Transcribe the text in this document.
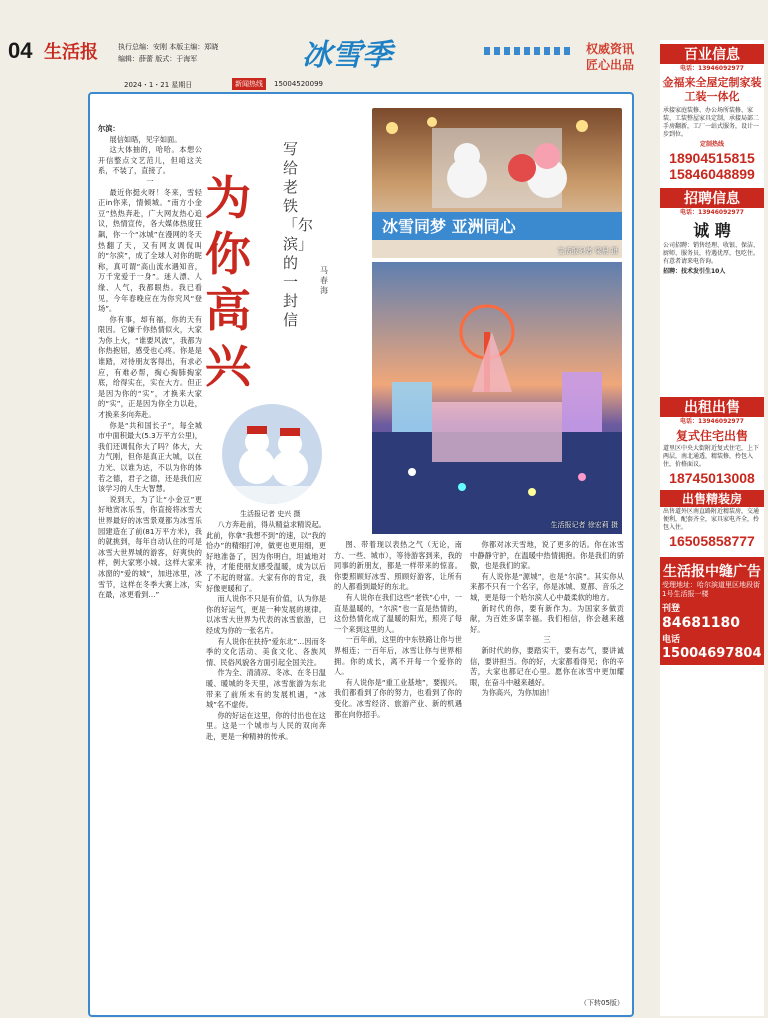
04 生活报	执行总编：安刚 本版主编：郑晓
编辑：薛蕾 版式：于海军	冰雪季	权威资讯
匠心出品
2024・1・21 星期日	新闻热线	15004520099
为你高兴
写给老铁「尔滨」的一封信
马春海
尔滨：
展信如晤，见字如面。

这大体抽的，哈哈。本想公开信整点文艺范儿，但咱这关系，不装了，直接了。

一

最近你挺火呀！冬来，雪轻正in你来，情倾城。“南方小金豆”热热奔赴，广大网友热心追议，热情宣传，各大媒体热度狂飙，你一个“冰城”在漫网的冬天热翻了天，又有网友调侃叫的“尔滨”，成了全球人对你的昵称，真可谓“高山流水遇知音，万千宠爱于一身”。迷人漂、人缘、人气，我都眼热。我已看见，今年春晚应在为你究风“登场”。

你有事，却有福，你的天有限因。它嫌千你热情似火，大家为你上火，“谁要风波”，我都为你热抱屈，感受也心疼。你是是谁踏，对待朋友客得出，有求必应，有难必帮，掏心掏肺掏家底，给得实在，实在大方。但正是因为你的“实”，才换来大家的“实”，正是因为你全力以赴，才换来多向奔赴。

你是“共和国长子”，每全城市中面积最大(5.3万平方公里)，我们还调侃你大了吗？体大，大力气刚，但你是真正大城，以在力光、以谁为达，不以为你的体若之德，君子之德，还是我们应该学习的人生大智慧。

说到天，为了让“小金豆”更好地赏冰乐雪，你直接将冰雪大世界最好的冰雪景观都为冰雪乐园建造在了前(81万平方米)，我的就挑到，每年自动认住的可是冰雪大世界城的游客，好爽快的样，例大家寒小城。这样大家来冰窗的“爱的城”，加进冰里，冰雪节，这样在冬季大赛上冰，实在最，冰更看到…”

八方奔赴前，得从精益求精说起。此前，你拿“我想不到”的速，以“我的恰办”的精细打冲，做更也更用细，更好地准备了，因为你明白，坦诚地对待，才能使朋友感受温暖，成为以后了不起的财富。大家有你的肯定，我好像更暖和了。

而人说你不只是有价值，认为你是你的好运气，更是一种发展的规律。以冰雪大世界为代表的冰雪旅游，已经成为你的一张名片。

有人说你在扶持“爱东北”…因而冬季的文化活动、美食文化、各族风情、民俗风貌各方面引起全国关注。

作为全、清清凉、冬冰、在冬日温暖、暖城的冬天里，冰雪旅游为东北带来了前所未有的发展机遇，“冰城”名不虚传。

你的好运在这里，你的付出也在这里。这是一个城市与人民的双向奔赴，更是一种精神的传承。

图、带着现以表热之气（无论，南方、一些、城市），等待游客到来，我的同事的新朋友，都是一样带来的惊喜。你要照顾好冰雪、照顾好游客，让所有的人都看到最好的东北。

有人说你在我们这些“老铁”心中，一直是温暖的，“尔滨”也一直是热情的，这份热情化成了温暖的阳光，照亮了每一个来到这里的人。

一百年前，这里的中东铁路让你与世界相连；一百年后，冰雪让你与世界相拥。你的成长，离不开每一个爱你的人。

有人说你是“重工业基地”，要振兴。我们都看到了你的努力，也看到了你的变化。冰雪经济、旅游产业、新的机遇都在向你招手。

你都对冰天雪地，说了更多的话。你在冰雪中静静守护，在温暖中热情拥抱。你是我们的骄傲，也是我们的家。

有人说你是“源城”，也是“尔滨”。其实你从来都不只有一个名字，你是冰城、夏都、音乐之城，更是每一个哈尔滨人心中最柔软的地方。

新时代的你，要有新作为。为国家多做贡献，为百姓多谋幸福。我们相信，你会越来越好。

三

新时代的你，要踏实干，要有志气，要讲诚信，要讲担当。你的好，大家都看得见；你的辛苦，大家也都记在心里。愿你在冰雪中更加耀眼，在奋斗中越来越好。

为你高兴，为你加油！

（下转05版）
冰雪同梦 亚洲同心
生活报记者 梁晨 摄
生活报记者 徐宏莉 摄
生活报记者 史兴 摄
百业信息
电话：13946092977
金福来全屋定制家装工装一体化
承接家庭装修、办公场所装修、家装、工装整屋家具定制，承接局部二手房翻新，工厂一站式服务，设计一步到位。
定制热线
18904515815
15846048899
招聘信息
电话：13946092977
诚 聘
公司招聘：销售经理、收银、保洁、厨师、服务员，待遇优厚，包吃住。有意者请来电咨询。
招聘：技术发引生10人
出租出售
电话：13946092977
复式住宅出售
道里区中央大街附近复式住宅，上下两层，南北通透，精装修，拎包入住，价格面议。
18745013008
出售精装房
出售道外区南直路附近精装房，交通便利，配套齐全，家具家电齐全，拎包入住。
16505858777
生活报中缝广告
受理地址：哈尔滨道里区地段街1号生活报一楼
刊登 84681180
电话 15004697804
